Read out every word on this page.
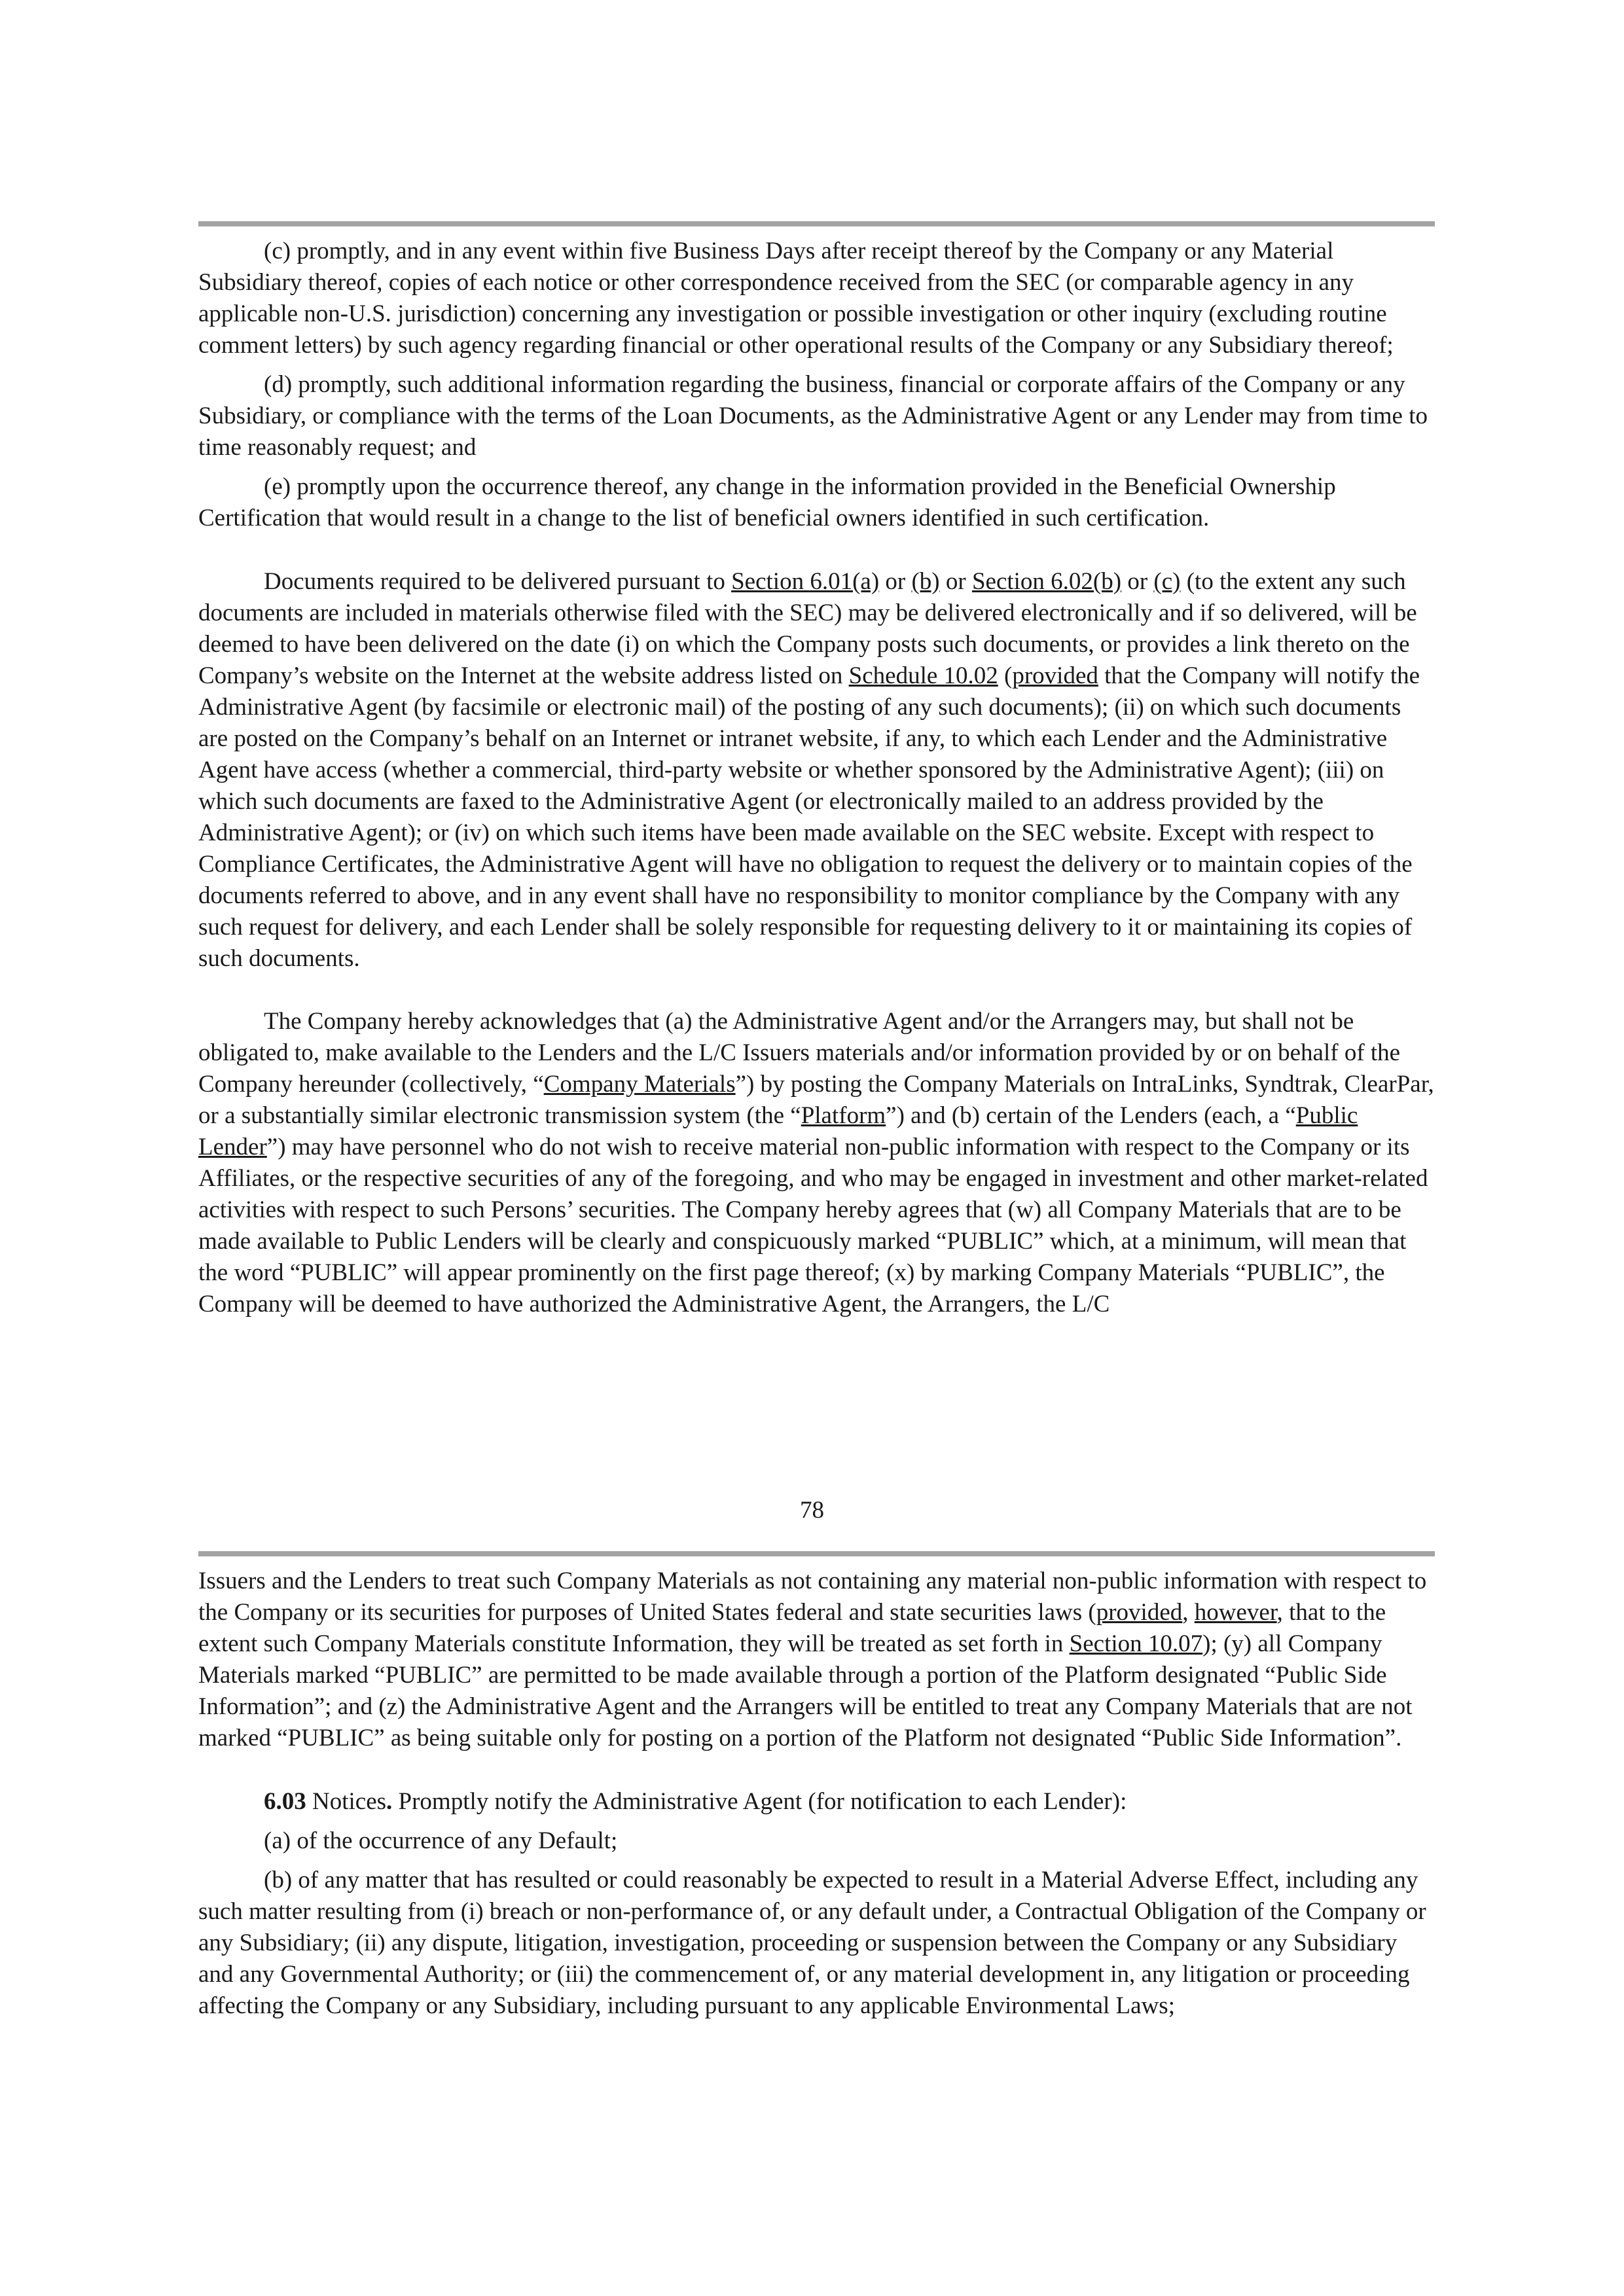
(c) promptly, and in any event within five Business Days after receipt thereof by the Company or any Material Subsidiary thereof, copies of each notice or other correspondence received from the SEC (or comparable agency in any applicable non-U.S. jurisdiction) concerning any investigation or possible investigation or other inquiry (excluding routine comment letters) by such agency regarding financial or other operational results of the Company or any Subsidiary thereof;

(d) promptly, such additional information regarding the business, financial or corporate affairs of the Company or any Subsidiary, or compliance with the terms of the Loan Documents, as the Administrative Agent or any Lender may from time to time reasonably request; and

(e) promptly upon the occurrence thereof, any change in the information provided in the Beneficial Ownership Certification that would result in a change to the list of beneficial owners identified in such certification.

Documents required to be delivered pursuant to Section 6.01(a) or (b) or Section 6.02(b) or (c) (to the extent any such documents are included in materials otherwise filed with the SEC) may be delivered electronically and if so delivered, will be deemed to have been delivered on the date (i) on which the Company posts such documents, or provides a link thereto on the Company’s website on the Internet at the website address listed on Schedule 10.02 (provided that the Company will notify the Administrative Agent (by facsimile or electronic mail) of the posting of any such documents); (ii) on which such documents are posted on the Company’s behalf on an Internet or intranet website, if any, to which each Lender and the Administrative Agent have access (whether a commercial, third-party website or whether sponsored by the Administrative Agent); (iii) on which such documents are faxed to the Administrative Agent (or electronically mailed to an address provided by the Administrative Agent); or (iv) on which such items have been made available on the SEC website. Except with respect to Compliance Certificates, the Administrative Agent will have no obligation to request the delivery or to maintain copies of the documents referred to above, and in any event shall have no responsibility to monitor compliance by the Company with any such request for delivery, and each Lender shall be solely responsible for requesting delivery to it or maintaining its copies of such documents.

The Company hereby acknowledges that (a) the Administrative Agent and/or the Arrangers may, but shall not be obligated to, make available to the Lenders and the L/C Issuers materials and/or information provided by or on behalf of the Company hereunder (collectively, “Company Materials”) by posting the Company Materials on IntraLinks, Syndtrak, ClearPar, or a substantially similar electronic transmission system (the “Platform”) and (b) certain of the Lenders (each, a “Public Lender”) may have personnel who do not wish to receive material non-public information with respect to the Company or its Affiliates, or the respective securities of any of the foregoing, and who may be engaged in investment and other market-related activities with respect to such Persons’ securities. The Company hereby agrees that (w) all Company Materials that are to be made available to Public Lenders will be clearly and conspicuously marked “PUBLIC” which, at a minimum, will mean that the word “PUBLIC” will appear prominently on the first page thereof; (x) by marking Company Materials “PUBLIC”, the Company will be deemed to have authorized the Administrative Agent, the Arrangers, the L/C

78

Issuers and the Lenders to treat such Company Materials as not containing any material non-public information with respect to the Company or its securities for purposes of United States federal and state securities laws (provided, however, that to the extent such Company Materials constitute Information, they will be treated as set forth in Section 10.07); (y) all Company Materials marked “PUBLIC” are permitted to be made available through a portion of the Platform designated “Public Side Information”; and (z) the Administrative Agent and the Arrangers will be entitled to treat any Company Materials that are not marked “PUBLIC” as being suitable only for posting on a portion of the Platform not designated “Public Side Information”.

6.03 Notices. Promptly notify the Administrative Agent (for notification to each Lender):

(a) of the occurrence of any Default;

(b) of any matter that has resulted or could reasonably be expected to result in a Material Adverse Effect, including any such matter resulting from (i) breach or non-performance of, or any default under, a Contractual Obligation of the Company or any Subsidiary; (ii) any dispute, litigation, investigation, proceeding or suspension between the Company or any Subsidiary and any Governmental Authority; or (iii) the commencement of, or any material development in, any litigation or proceeding affecting the Company or any Subsidiary, including pursuant to any applicable Environmental Laws;
